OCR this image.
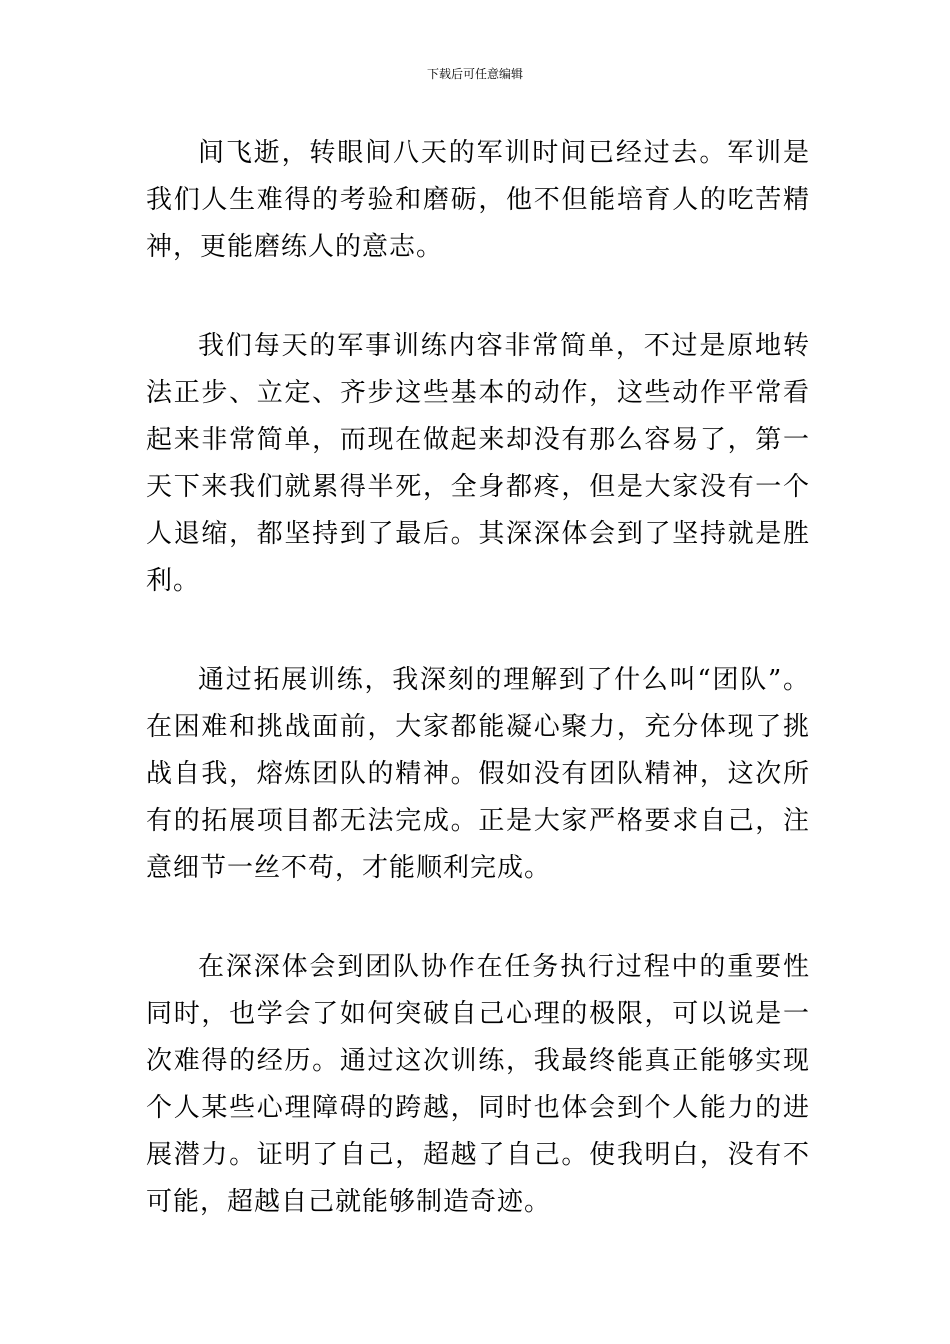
下载后可任意编辑

间飞逝，转眼间八天的军训时间已经过去。军训是我们人生难得的考验和磨砺，他不但能培育人的吃苦精神，更能磨练人的意志。

我们每天的军事训练内容非常简单，不过是原地转法正步、立定、齐步这些基本的动作，这些动作平常看起来非常简单，而现在做起来却没有那么容易了，第一天下来我们就累得半死，全身都疼，但是大家没有一个人退缩，都坚持到了最后。其深深体会到了坚持就是胜利。

通过拓展训练，我深刻的理解到了什么叫“团队”。在困难和挑战面前，大家都能凝心聚力，充分体现了挑战自我，熔炼团队的精神。假如没有团队精神，这次所有的拓展项目都无法完成。正是大家严格要求自己，注意细节一丝不苟，才能顺利完成。

在深深体会到团队协作在任务执行过程中的重要性同时，也学会了如何突破自己心理的极限，可以说是一次难得的经历。通过这次训练，我最终能真正能够实现个人某些心理障碍的跨越，同时也体会到个人能力的进展潜力。证明了自己，超越了自己。使我明白，没有不可能，超越自己就能够制造奇迹。
